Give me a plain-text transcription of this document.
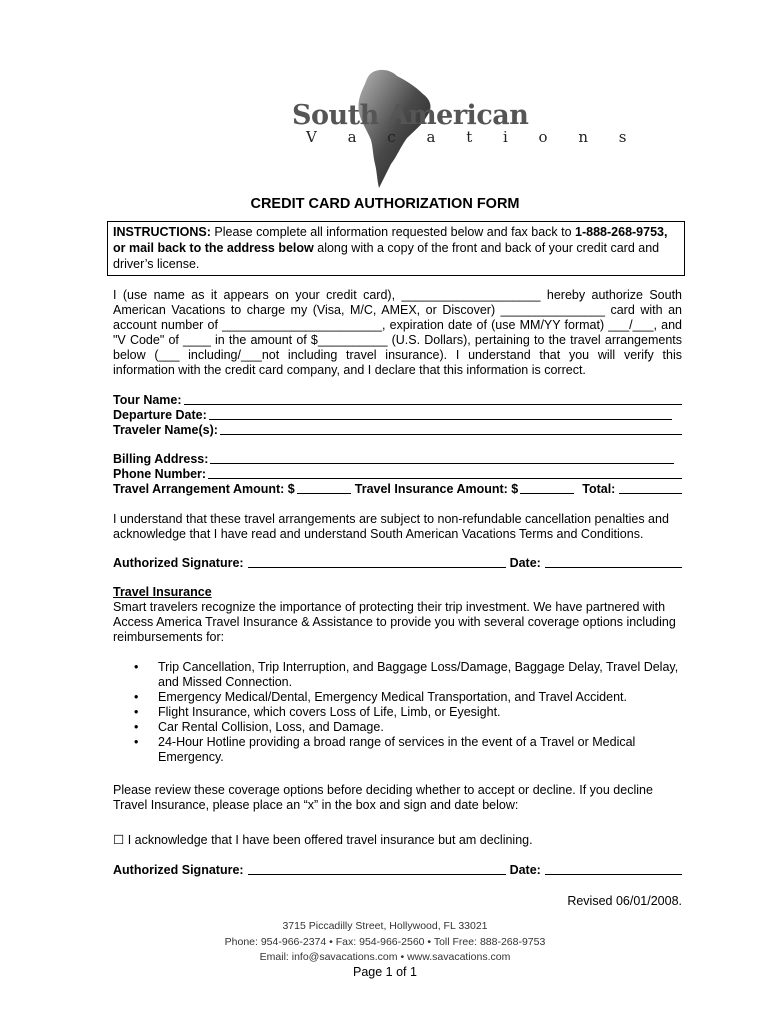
South American
V a c a t i o n s
CREDIT CARD AUTHORIZATION FORM
INSTRUCTIONS: Please complete all information requested below and fax back to 1-888-268-9753, or mail back to the address below along with a copy of the front and back of your credit card and driver’s license.
I (use name as it appears on your credit card), ____________________ hereby authorize South American Vacations to charge my (Visa, M/C, AMEX, or Discover) _______________ card with an account number of _______________________, expiration date of (use MM/YY format) ___/___, and "V Code" of ____ in the amount of $__________ (U.S. Dollars), pertaining to the travel arrangements below (___ including/___not including travel insurance). I understand that you will verify this information with the credit card company, and I declare that this information is correct.
Tour Name:
Departure Date:
Traveler Name(s):
Billing Address:
Phone Number:
Travel Arrangement Amount: $	Travel Insurance Amount: $	Total:
I understand that these travel arrangements are subject to non-refundable cancellation penalties and acknowledge that I have read and understand South American Vacations Terms and Conditions.
Authorized Signature:	Date:
Travel Insurance
Smart travelers recognize the importance of protecting their trip investment. We have partnered with Access America Travel Insurance & Assistance to provide you with several coverage options including reimbursements for:
• Trip Cancellation, Trip Interruption, and Baggage Loss/Damage, Baggage Delay, Travel Delay, and Missed Connection.
• Emergency Medical/Dental, Emergency Medical Transportation, and Travel Accident.
• Flight Insurance, which covers Loss of Life, Limb, or Eyesight.
• Car Rental Collision, Loss, and Damage.
• 24-Hour Hotline providing a broad range of services in the event of a Travel or Medical Emergency.
Please review these coverage options before deciding whether to accept or decline. If you decline Travel Insurance, please place an “x” in the box and sign and date below:
☐ I acknowledge that I have been offered travel insurance but am declining.
Authorized Signature:	Date:
Revised 06/01/2008.
3715 Piccadilly Street, Hollywood, FL 33021
Phone: 954-966-2374 • Fax: 954-966-2560 • Toll Free: 888-268-9753
Email: info@savacations.com • www.savacations.com
Page 1 of 1
